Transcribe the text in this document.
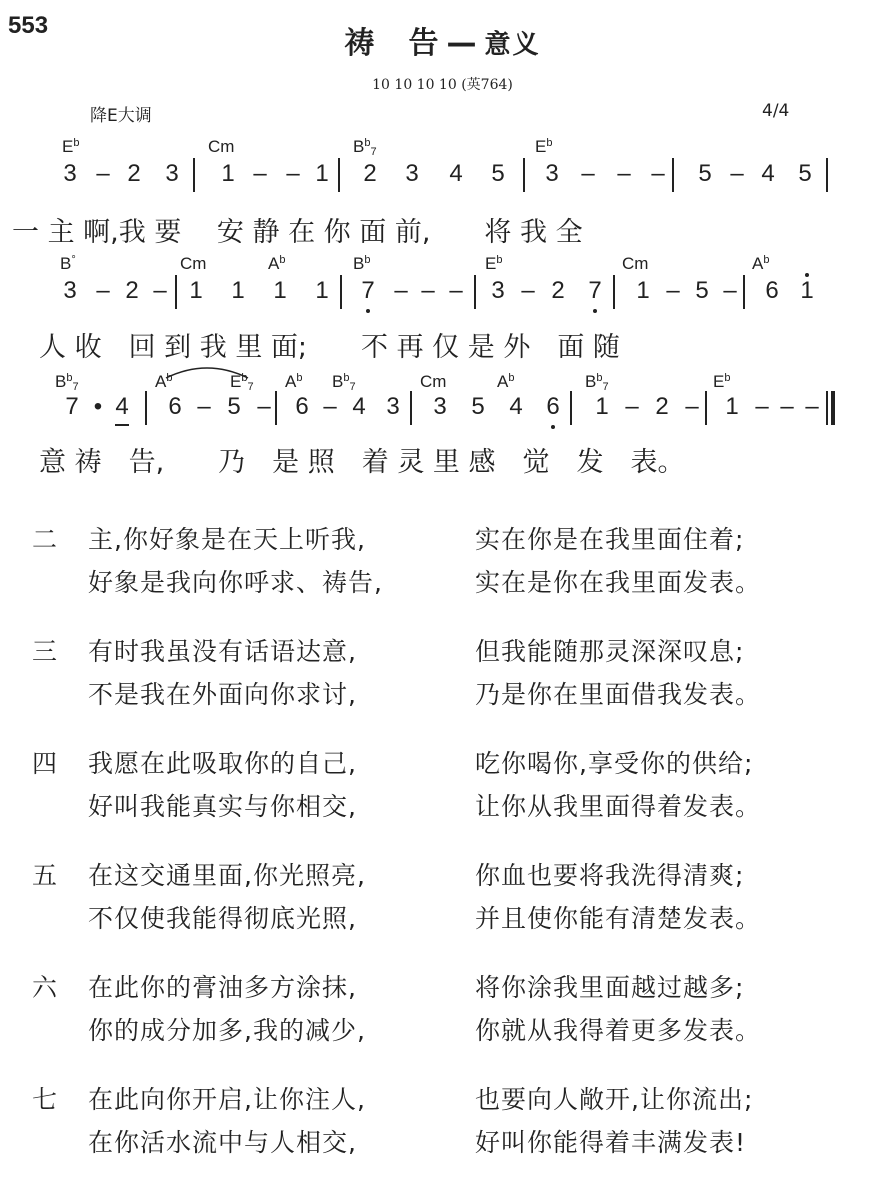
553
祷　告 — 意义
10 10 10 10 (英764)
降E大调	4/4
$E^b$	Cm	$B^b_7$	$E^b$
3 – 2 3 1 – – 1 2 3 4 5 3 – – – 5 – 4 5
一 主 啊,我 要　 安 静 在 你 面 前,　　将 我 全
B°	Cm	$A^b$	$B^b$	$E^b$	Cm	$A^b$
3 – 2 – 1 1 1 1 7 – – – 3 – 2 7 1 – 5 – 6 1
　人 收　回 到 我 里 面;　　不 再 仅 是 外　面 随
$B^b_7$	$A^b$	$E^b_7$ $A^b$ $B^b_7$	Cm	$A^b$	$B^b_7$	$E^b$
7 • 4 6 – 5 – 6 – 4 3 3 5 4 6 1 – 2 – 1 – – –
　意 祷　告,　　乃　是 照　着 灵 里 感　觉　发　表。
二 主,你好象是在天上听我,	实在你是在我里面住着;
好象是我向你呼求、祷告,	实在是你在我里面发表。
三 有时我虽没有话语达意,	但我能随那灵深深叹息;
不是我在外面向你求讨,	乃是你在里面借我发表。
四 我愿在此吸取你的自己,	吃你喝你,享受你的供给;
好叫我能真实与你相交,	让你从我里面得着发表。
五 在这交通里面,你光照亮,	你血也要将我洗得清爽;
不仅使我能得彻底光照,	并且使你能有清楚发表。
六 在此你的膏油多方涂抹,	将你涂我里面越过越多;
你的成分加多,我的减少,	你就从我得着更多发表。
七 在此向你开启,让你注人,	也要向人敞开,让你流出;
在你活水流中与人相交,	好叫你能得着丰满发表!
